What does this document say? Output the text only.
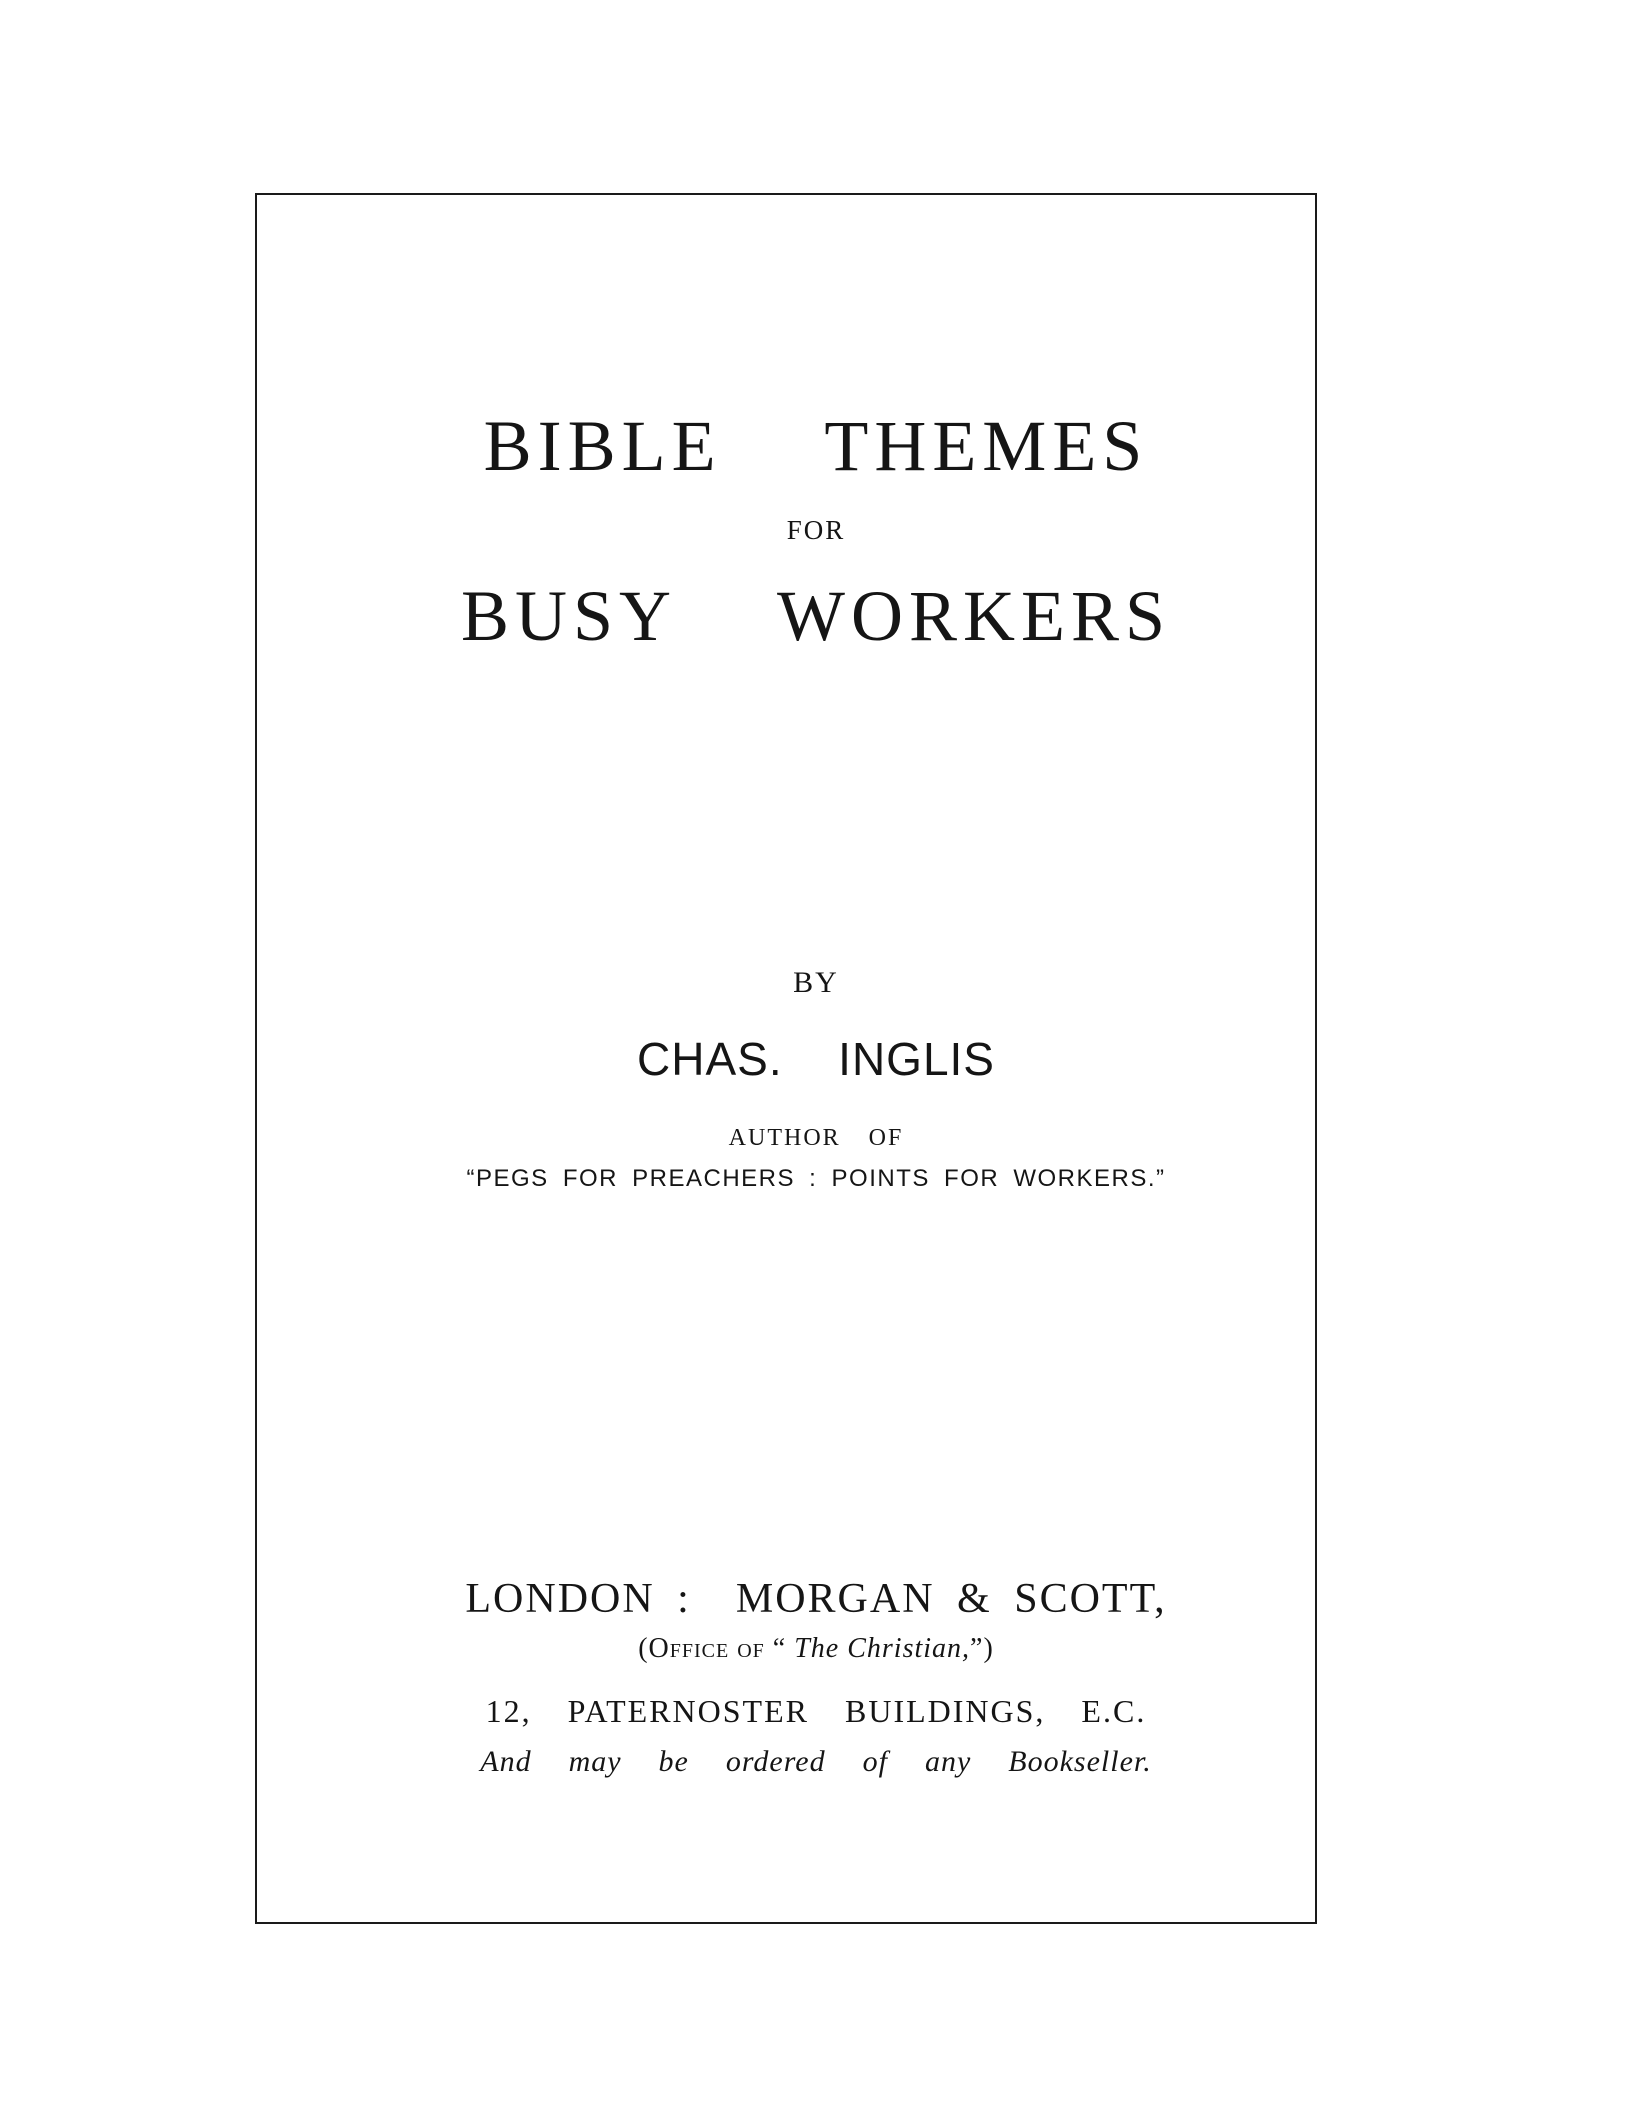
BIBLE  THEMES
FOR
BUSY  WORKERS
BY
CHAS.  INGLIS
AUTHOR  OF
“PEGS FOR PREACHERS : POINTS FOR WORKERS.”
LONDON :  MORGAN & SCOTT,
(Office of “ The Christian,”)
12,  PATERNOSTER  BUILDINGS,  E.C.
And  may  be  ordered  of  any  Bookseller.
